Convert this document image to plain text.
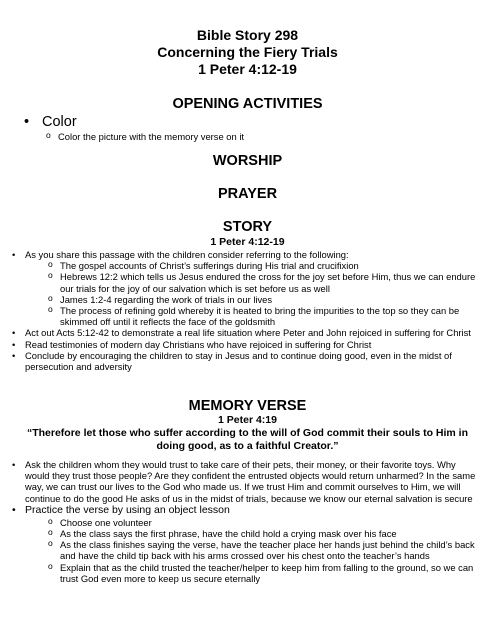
Bible Story 298
Concerning the Fiery Trials
1 Peter 4:12-19
OPENING ACTIVITIES
• Color
o Color the picture with the memory verse on it
WORSHIP
PRAYER
STORY
1 Peter 4:12-19
• As you share this passage with the children consider referring to the following:
o The gospel accounts of Christ’s sufferings during His trial and crucifixion
o Hebrews 12:2 which tells us Jesus endured the cross for the joy set before Him, thus we can endure our trials for the joy of our salvation which is set before us as well
o James 1:2-4 regarding the work of trials in our lives
o The process of refining gold whereby it is heated to bring the impurities to the top so they can be skimmed off until it reflects the face of the goldsmith
• Act out Acts 5:12-42 to demonstrate a real life situation where Peter and John rejoiced in suffering for Christ
• Read testimonies of modern day Christians who have rejoiced in suffering for Christ
• Conclude by encouraging the children to stay in Jesus and to continue doing good, even in the midst of persecution and adversity
MEMORY VERSE
1 Peter 4:19
“Therefore let those who suffer according to the will of God commit their souls to Him in doing good, as to a faithful Creator.”
• Ask the children whom they would trust to take care of their pets, their money, or their favorite toys. Why would they trust those people? Are they confident the entrusted objects would return unharmed? In the same way, we can trust our lives to the God who made us. If we trust Him and commit ourselves to Him, we will continue to do the good He asks of us in the midst of trials, because we know our eternal salvation is secure
• Practice the verse by using an object lesson
o Choose one volunteer
o As the class says the first phrase, have the child hold a crying mask over his face
o As the class finishes saying the verse, have the teacher place her hands just behind the child’s back and have the child tip back with his arms crossed over his chest onto the teacher’s hands
o Explain that as the child trusted the teacher/helper to keep him from falling to the ground, so we can trust God even more to keep us secure eternally
